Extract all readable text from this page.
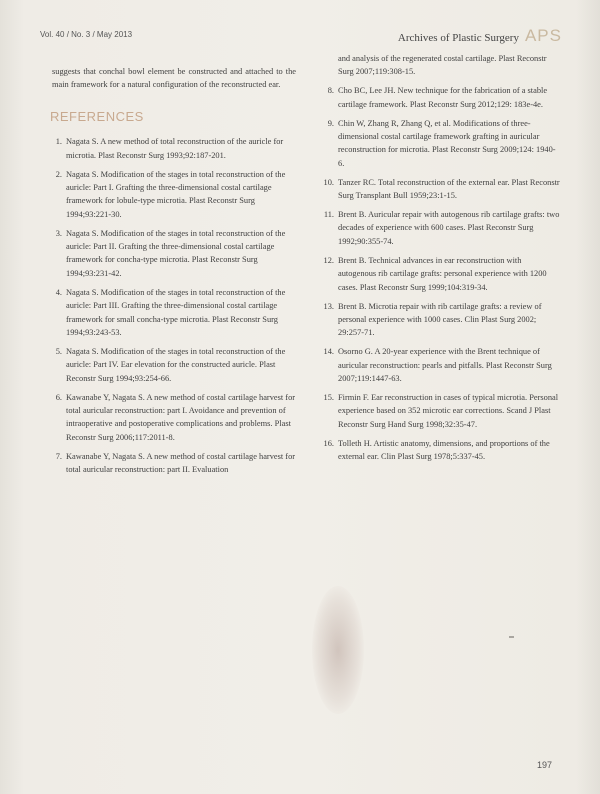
Vol. 40 / No. 3 / May 2013	Archives of Plastic Surgery APS

suggests that conchal bowl element be constructed and attached to the main framework for a natural configuration of the reconstructed ear.

REFERENCES
1. Nagata S. A new method of total reconstruction of the auricle for microtia. Plast Reconstr Surg 1993;92:187-201.
2. Nagata S. Modification of the stages in total reconstruction of the auricle: Part I. Grafting the three-dimensional costal cartilage framework for lobule-type microtia. Plast Reconstr Surg 1994;93:221-30.
3. Nagata S. Modification of the stages in total reconstruction of the auricle: Part II. Grafting the three-dimensional costal cartilage framework for concha-type microtia. Plast Reconstr Surg 1994;93:231-42.
4. Nagata S. Modification of the stages in total reconstruction of the auricle: Part III. Grafting the three-dimensional costal cartilage framework for small concha-type microtia. Plast Reconstr Surg 1994;93:243-53.
5. Nagata S. Modification of the stages in total reconstruction of the auricle: Part IV. Ear elevation for the constructed auricle. Plast Reconstr Surg 1994;93:254-66.
6. Kawanabe Y, Nagata S. A new method of costal cartilage harvest for total auricular reconstruction: part I. Avoidance and prevention of intraoperative and postoperative complications and problems. Plast Reconstr Surg 2006;117:2011-8.
7. Kawanabe Y, Nagata S. A new method of costal cartilage harvest for total auricular reconstruction: part II. Evaluation
and analysis of the regenerated costal cartilage. Plast Reconstr Surg 2007;119:308-15.
8. Cho BC, Lee JH. New technique for the fabrication of a stable cartilage framework. Plast Reconstr Surg 2012;129: 183e-4e.
9. Chin W, Zhang R, Zhang Q, et al. Modifications of three-dimensional costal cartilage framework grafting in auricular reconstruction for microtia. Plast Reconstr Surg 2009;124: 1940-6.
10. Tanzer RC. Total reconstruction of the external ear. Plast Reconstr Surg Transplant Bull 1959;23:1-15.
11. Brent B. Auricular repair with autogenous rib cartilage grafts: two decades of experience with 600 cases. Plast Reconstr Surg 1992;90:355-74.
12. Brent B. Technical advances in ear reconstruction with autogenous rib cartilage grafts: personal experience with 1200 cases. Plast Reconstr Surg 1999;104:319-34.
13. Brent B. Microtia repair with rib cartilage grafts: a review of personal experience with 1000 cases. Clin Plast Surg 2002; 29:257-71.
14. Osorno G. A 20-year experience with the Brent technique of auricular reconstruction: pearls and pitfalls. Plast Reconstr Surg 2007;119:1447-63.
15. Firmin F. Ear reconstruction in cases of typical microtia. Personal experience based on 352 microtic ear corrections. Scand J Plast Reconstr Surg Hand Surg 1998;32:35-47.
16. Tolleth H. Artistic anatomy, dimensions, and proportions of the external ear. Clin Plast Surg 1978;5:337-45.
197
